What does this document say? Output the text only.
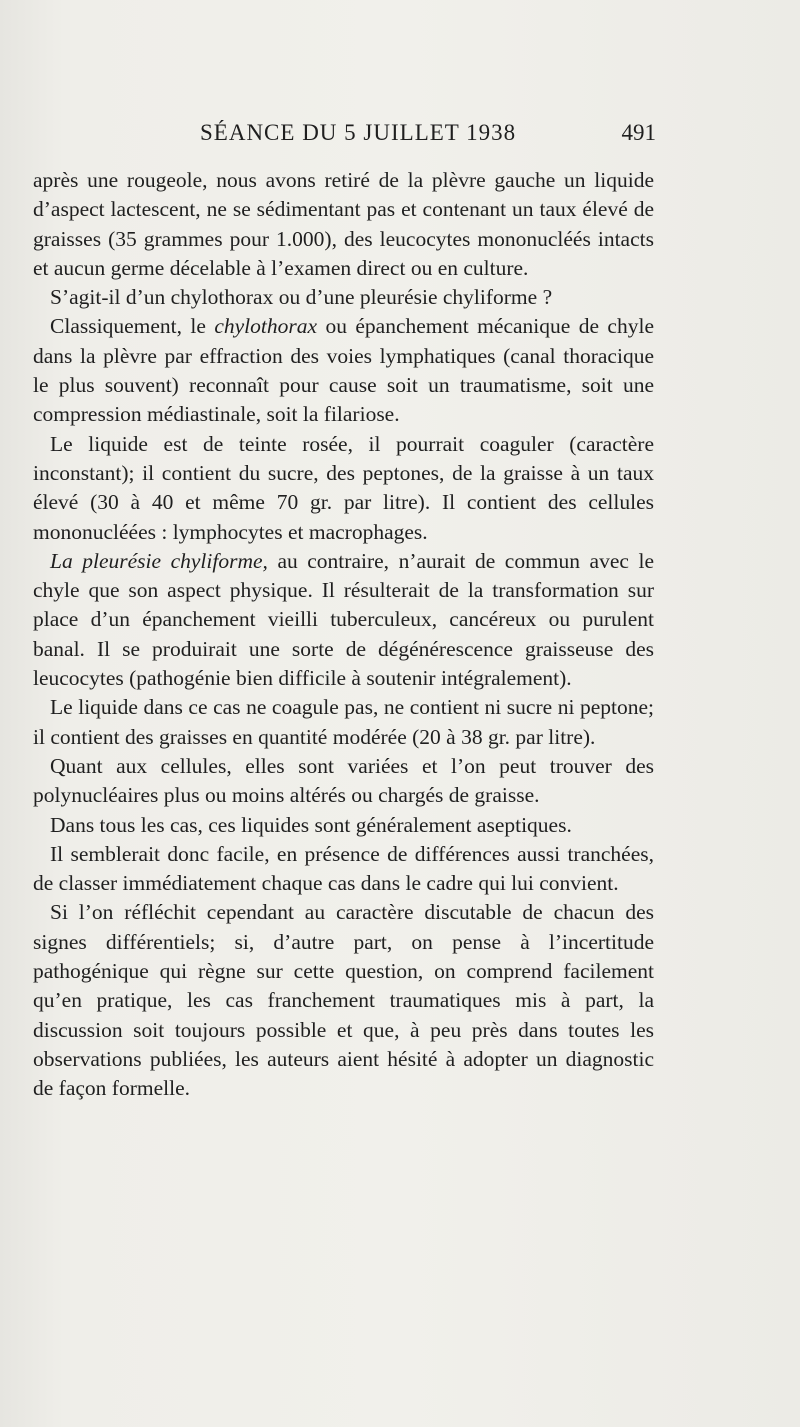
SÉANCE DU 5 JUILLET 1938	491

après une rougeole, nous avons retiré de la plèvre gauche un liquide d’aspect lactescent, ne se sédimentant pas et contenant un taux élevé de graisses (35 grammes pour 1.000), des leucocytes mononucléés intacts et aucun germe décelable à l’examen direct ou en culture.

S’agit-il d’un chylothorax ou d’une pleurésie chyliforme ?

Classiquement, le chylothorax ou épanchement mécanique de chyle dans la plèvre par effraction des voies lymphatiques (canal thoracique le plus souvent) reconnaît pour cause soit un traumatisme, soit une compression médiastinale, soit la filariose.

Le liquide est de teinte rosée, il pourrait coaguler (caractère inconstant); il contient du sucre, des peptones, de la graisse à un taux élevé (30 à 40 et même 70 gr. par litre). Il contient des cellules mononucléées : lymphocytes et macrophages.

La pleurésie chyliforme, au contraire, n’aurait de commun avec le chyle que son aspect physique. Il résulterait de la transformation sur place d’un épanchement vieilli tuberculeux, cancéreux ou purulent banal. Il se produirait une sorte de dégénérescence graisseuse des leucocytes (pathogénie bien difficile à soutenir intégralement).

Le liquide dans ce cas ne coagule pas, ne contient ni sucre ni peptone; il contient des graisses en quantité modérée (20 à 38 gr. par litre).

Quant aux cellules, elles sont variées et l’on peut trouver des polynucléaires plus ou moins altérés ou chargés de graisse.

Dans tous les cas, ces liquides sont généralement aseptiques.

Il semblerait donc facile, en présence de différences aussi tranchées, de classer immédiatement chaque cas dans le cadre qui lui convient.

Si l’on réfléchit cependant au caractère discutable de chacun des signes différentiels; si, d’autre part, on pense à l’incertitude pathogénique qui règne sur cette question, on comprend facilement qu’en pratique, les cas franchement traumatiques mis à part, la discussion soit toujours possible et que, à peu près dans toutes les observations publiées, les auteurs aient hésité à adopter un diagnostic de façon formelle.
